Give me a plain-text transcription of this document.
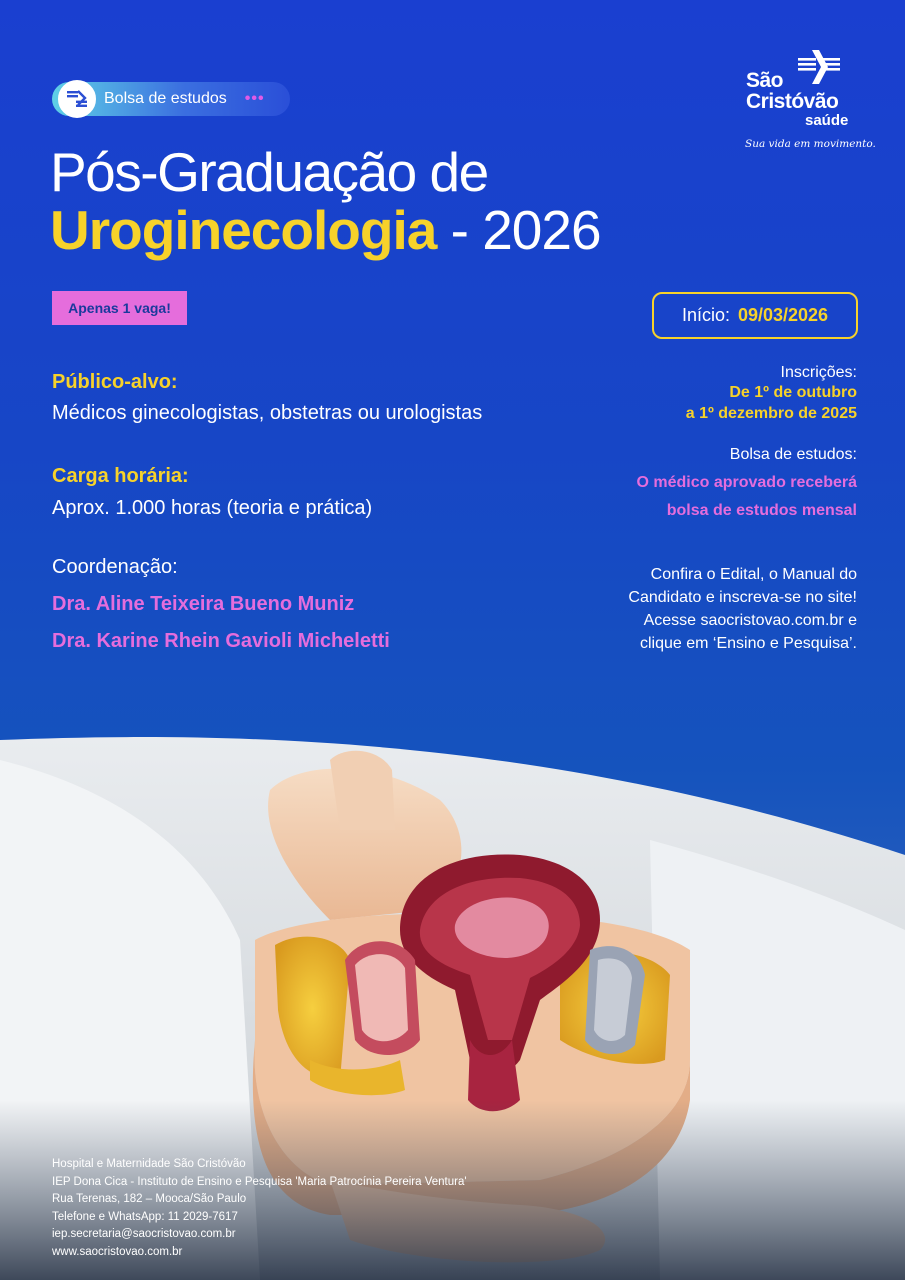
Bolsa de estudos •••
São
Cristóvão
saúde
Sua vida em movimento.
Pós-Graduação de
Uroginecologia - 2026
Apenas 1 vaga!	Início: 09/03/2026
Público-alvo:
Médicos ginecologistas, obstetras ou urologistas
Carga horária:
Aprox. 1.000 horas (teoria e prática)
Coordenação:
Dra. Aline Teixeira Bueno Muniz
Dra. Karine Rhein Gavioli Micheletti
Inscrições:
De 1º de outubro
a 1º dezembro de 2025
Bolsa de estudos:
O médico aprovado receberá
bolsa de estudos mensal
Confira o Edital, o Manual do
Candidato e inscreva-se no site!
Acesse saocristovao.com.br e
clique em ‘Ensino e Pesquisa’.
Hospital e Maternidade São Cristóvão
IEP Dona Cica - Instituto de Ensino e Pesquisa 'Maria Patrocínia Pereira Ventura'
Rua Terenas, 182 – Mooca/São Paulo
Telefone e WhatsApp: 11 2029-7617
iep.secretaria@saocristovao.com.br
www.saocristovao.com.br
